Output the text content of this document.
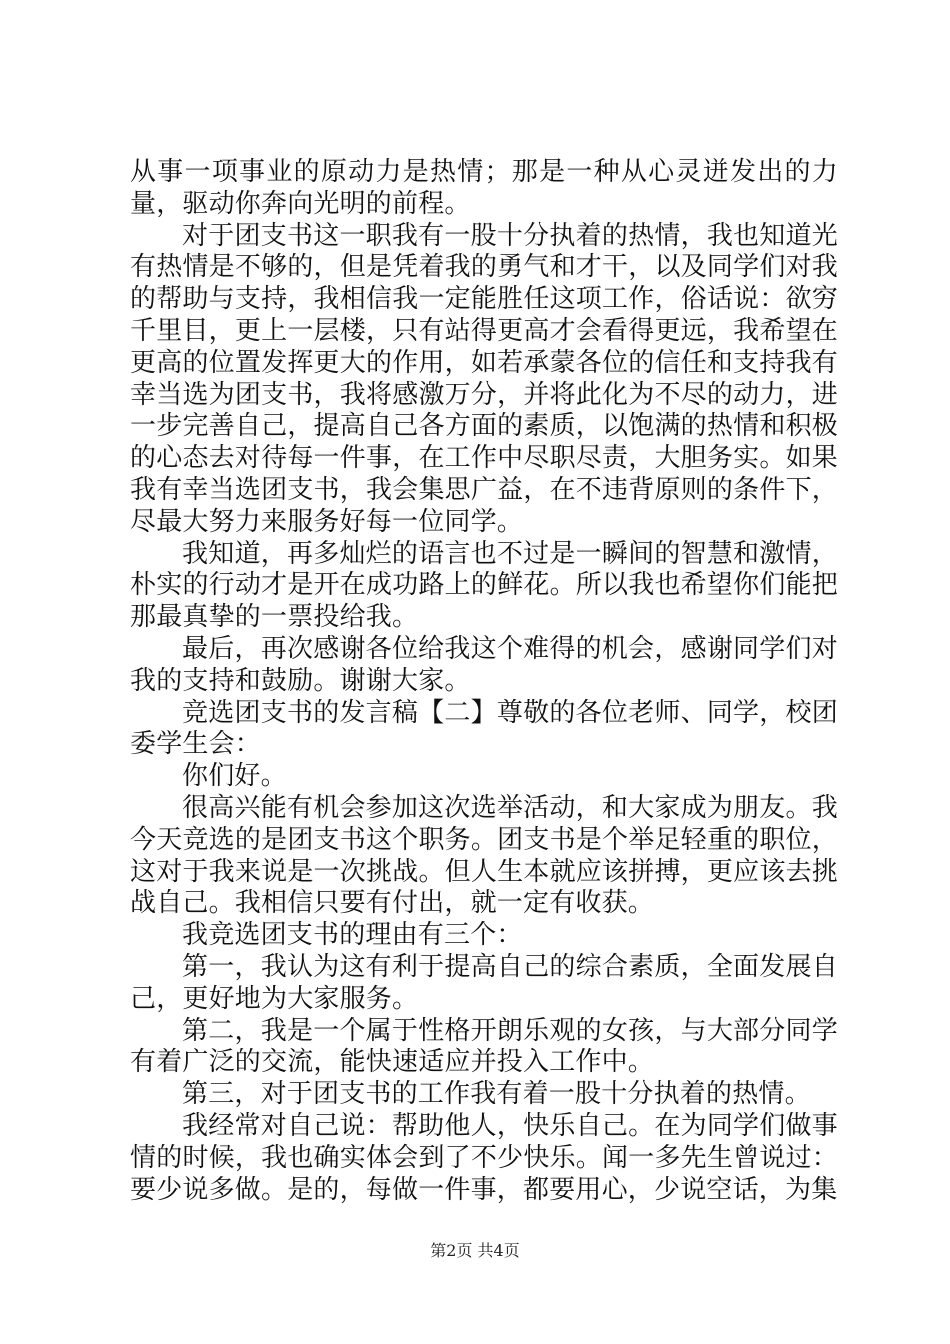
从事一项事业的原动力是热情；那是一种从心灵迸发出的力量，驱动你奔向光明的前程。

对于团支书这一职我有一股十分执着的热情，我也知道光有热情是不够的，但是凭着我的勇气和才干，以及同学们对我的帮助与支持，我相信我一定能胜任这项工作，俗话说：欲穷千里目，更上一层楼，只有站得更高才会看得更远，我希望在更高的位置发挥更大的作用，如若承蒙各位的信任和支持我有幸当选为团支书，我将感激万分，并将此化为不尽的动力，进一步完善自己，提高自己各方面的素质，以饱满的热情和积极的心态去对待每一件事，在工作中尽职尽责，大胆务实。如果我有幸当选团支书，我会集思广益，在不违背原则的条件下，尽最大努力来服务好每一位同学。

我知道，再多灿烂的语言也不过是一瞬间的智慧和激情，朴实的行动才是开在成功路上的鲜花。所以我也希望你们能把那最真挚的一票投给我。

最后，再次感谢各位给我这个难得的机会，感谢同学们对我的支持和鼓励。谢谢大家。

竞选团支书的发言稿【二】尊敬的各位老师、同学，校团委学生会：

你们好。

很高兴能有机会参加这次选举活动，和大家成为朋友。我今天竞选的是团支书这个职务。团支书是个举足轻重的职位，这对于我来说是一次挑战。但人生本就应该拼搏，更应该去挑战自己。我相信只要有付出，就一定有收获。

我竞选团支书的理由有三个：

第一，我认为这有利于提高自己的综合素质，全面发展自己，更好地为大家服务。

第二，我是一个属于性格开朗乐观的女孩，与大部分同学有着广泛的交流，能快速适应并投入工作中。

第三，对于团支书的工作我有着一股十分执着的热情。

我经常对自己说：帮助他人，快乐自己。在为同学们做事情的时候，我也确实体会到了不少快乐。闻一多先生曾说过：要少说多做。是的，每做一件事，都要用心，少说空话，为集

第2页 共4页
